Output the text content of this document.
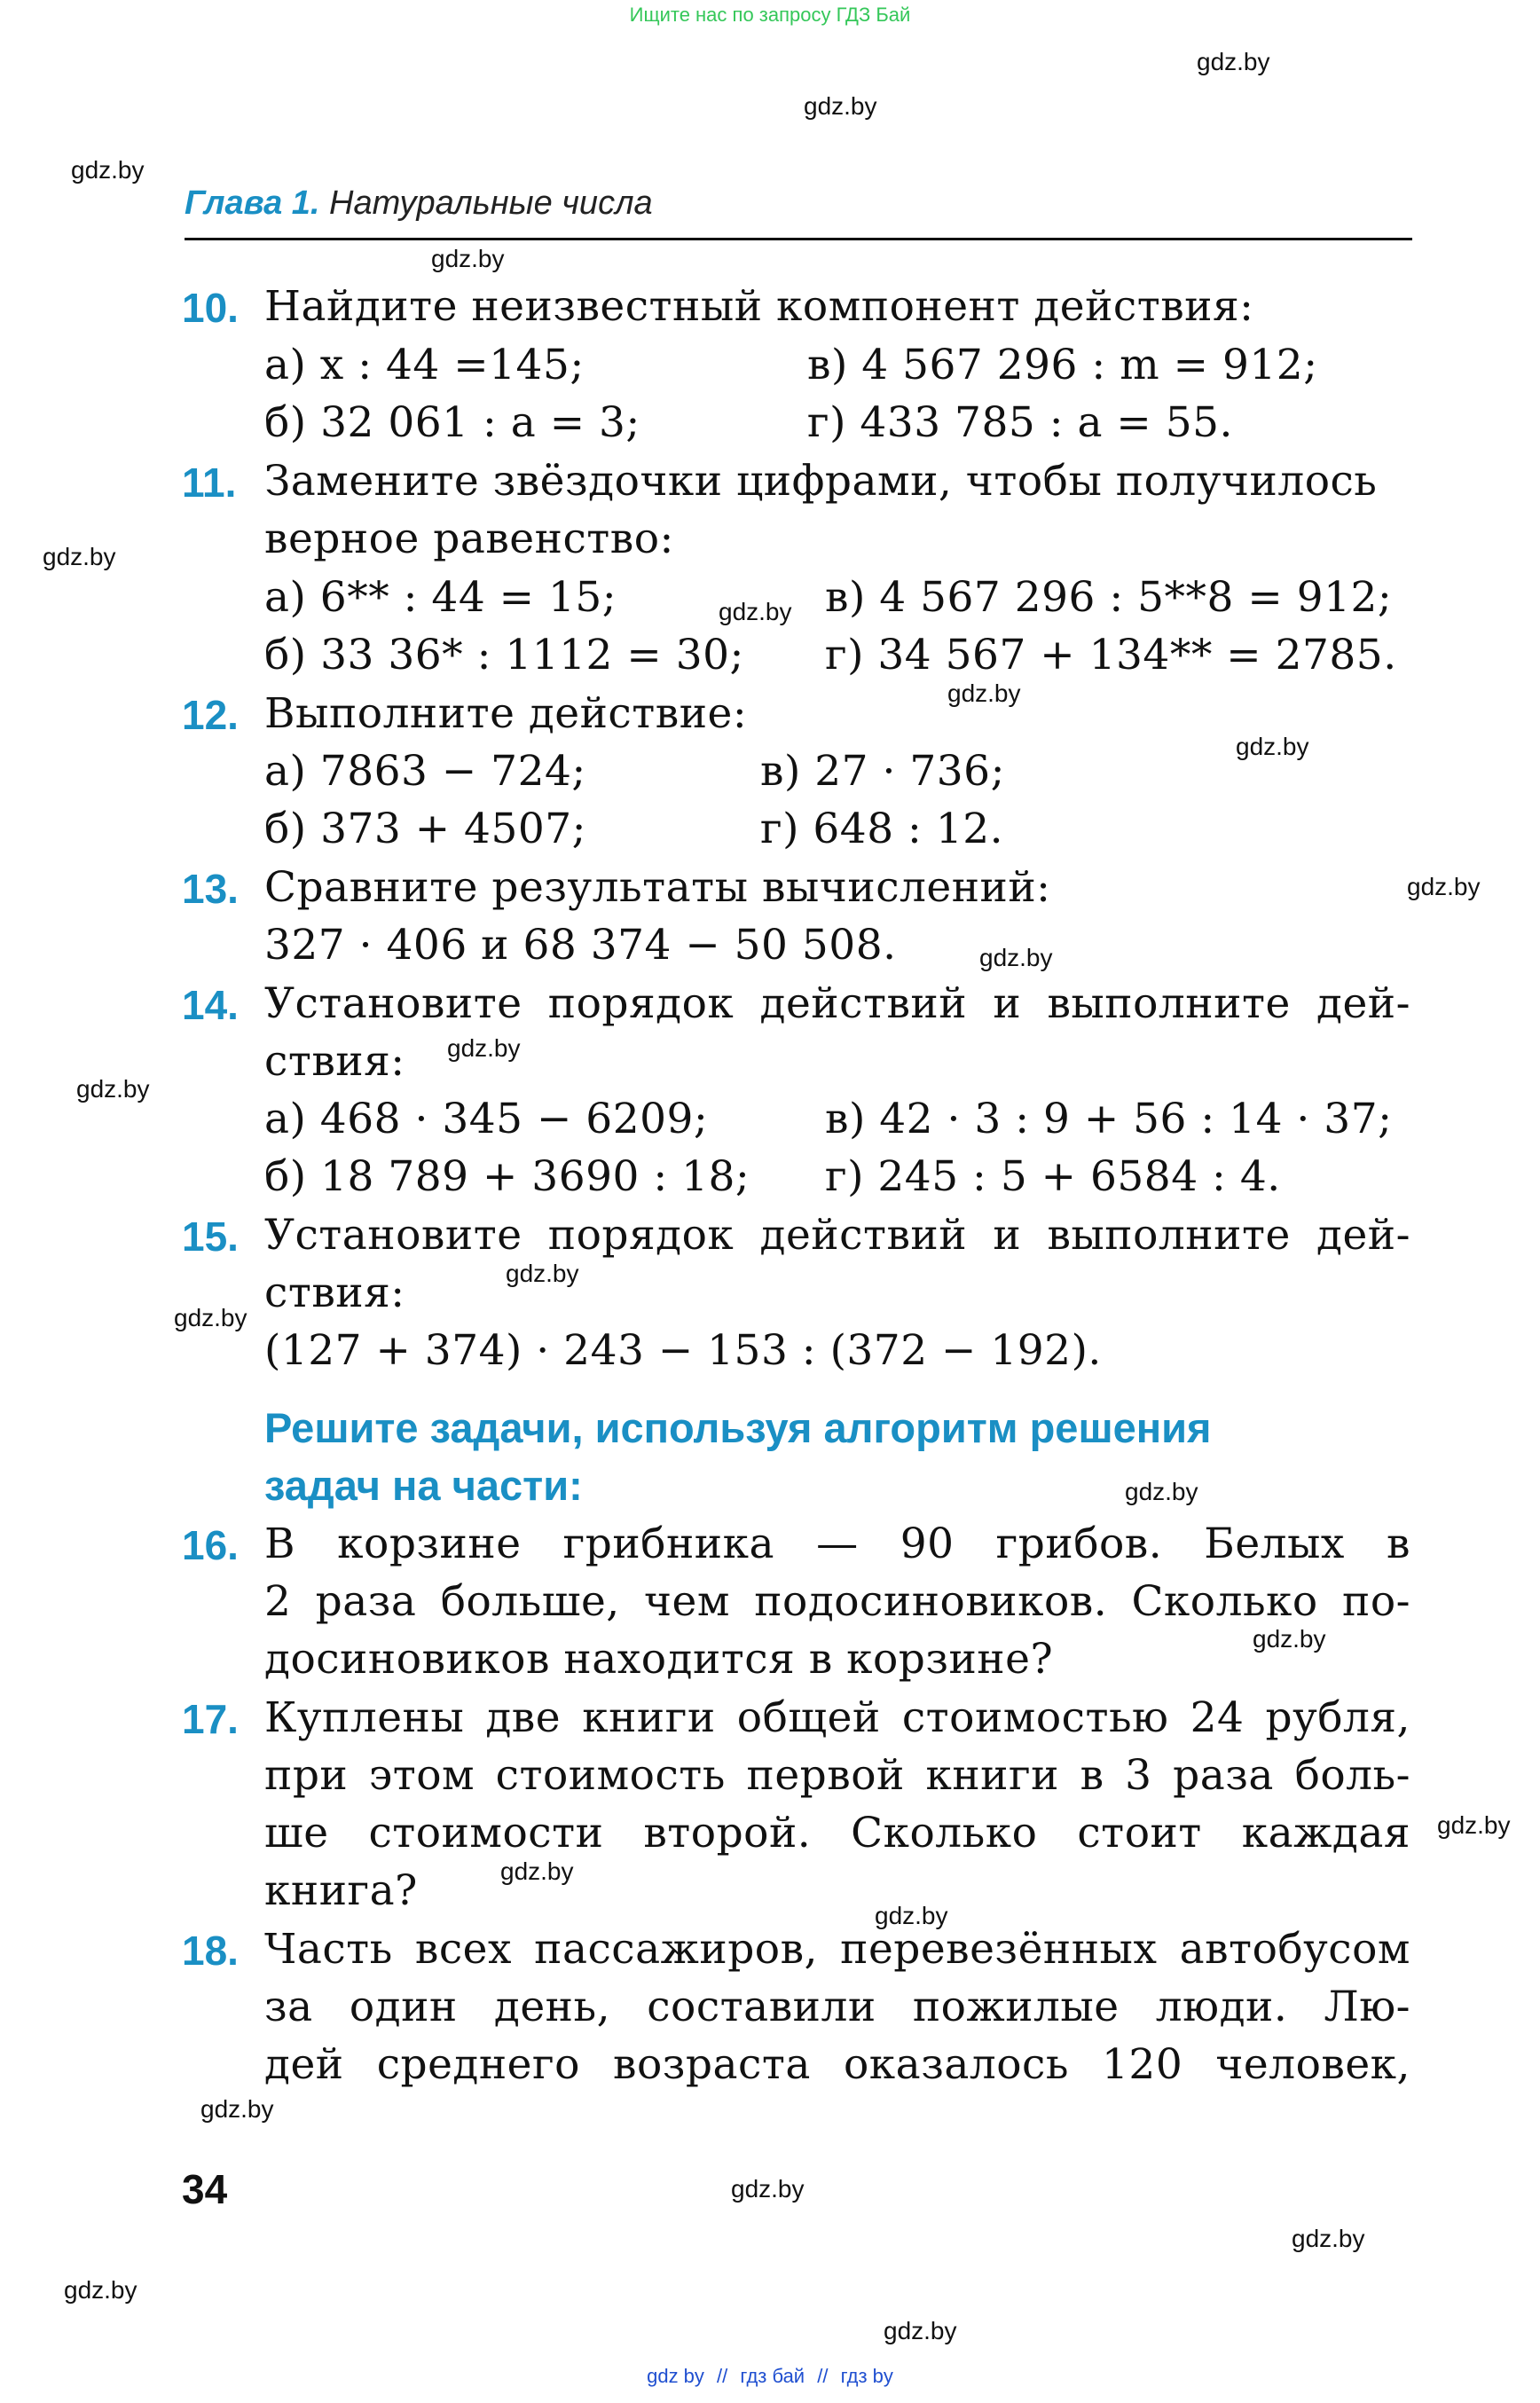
Ищите нас по запросу ГДЗ Бай
gdz.by
gdz.by
gdz.by
gdz.by
gdz.by
gdz.by
gdz.by
gdz.by
gdz.by
gdz.by
gdz.by
gdz.by
gdz.by
gdz.by
gdz.by
gdz.by
gdz.by
gdz.by
gdz.by
gdz.by
gdz.by
gdz.by
gdz.by
gdz.by
Глава 1. Натуральные числа
10. Найдите неизвестный компонент действия:
а) x : 44 =145;	в) 4 567 296 : m = 912;
б) 32 061 : a = 3;	г) 433 785 : a = 55.
11. Замените звёздочки цифрами, чтобы получилось
верное равенство:
а) 6** : 44 = 15;	в) 4 567 296 : 5**8 = 912;
б) 33 36* : 1112 = 30; г) 34 567 + 134** = 2785.
12. Выполните действие:
а) 7863 − 724;	в) 27 · 736;
б) 373 + 4507;	г) 648 : 12.
13. Сравните результаты вычислений:
327 · 406 и 68 374 − 50 508.
14. Установите порядок действий и выполните дей-
ствия:
а) 468 · 345 − 6209;	в) 42 · 3 : 9 + 56 : 14 · 37;
б) 18 789 + 3690 : 18; г) 245 : 5 + 6584 : 4.
15. Установите порядок действий и выполните дей-
ствия:
(127 + 374) · 243 − 153 : (372 − 192).
Решите задачи, используя алгоритм решения
задач на части:
16. В корзине грибника — 90 грибов. Белых в
2 раза больше, чем подосиновиков. Сколько по-
досиновиков находится в корзине?
17. Куплены две книги общей стоимостью 24 рубля,
при этом стоимость первой книги в 3 раза боль-
ше стоимости второй. Сколько стоит каждая
книга?
18. Часть всех пассажиров, перевезённых автобусом
за один день, составили пожилые люди. Лю-
дей среднего возраста оказалось 120 человек,
34
gdz by // гдз бай // гдз by
